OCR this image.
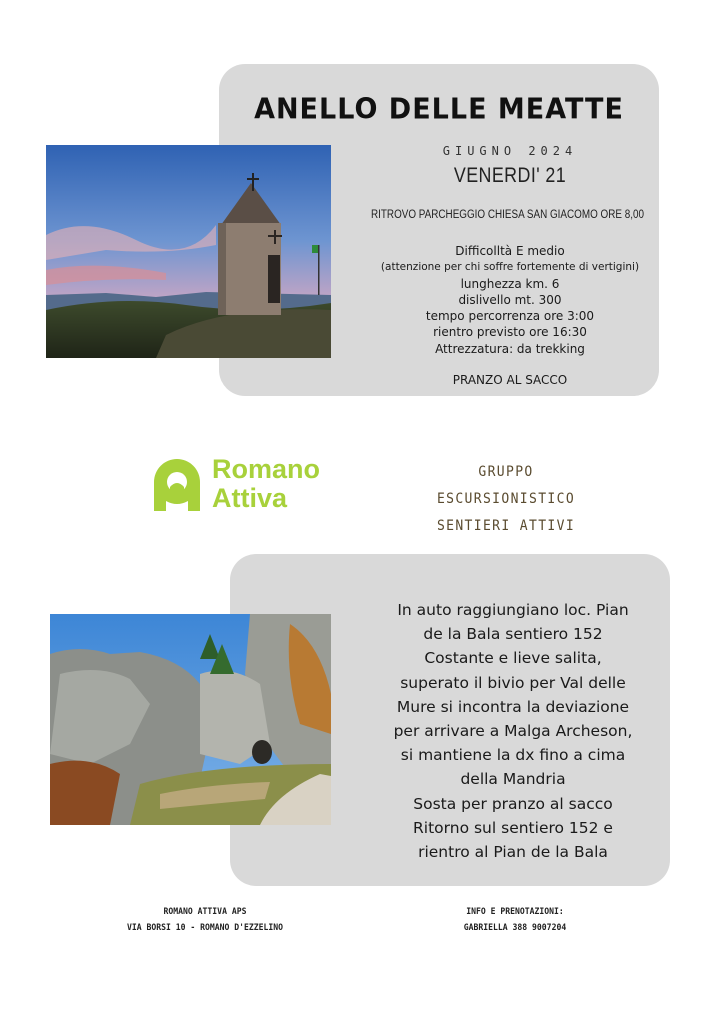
ANELLO DELLE MEATTE
GIUGNO 2024
VENERDI' 21
RITROVO PARCHEGGIO CHIESA SAN GIACOMO ORE 8,00
Difficolltà E medio
(attenzione per chi soffre fortemente di vertigini)
lunghezza km. 6
dislivello mt. 300
tempo percorrenza ore 3:00
rientro previsto ore 16:30
Attrezzatura: da trekking
PRANZO AL SACCO
Romano
Attiva
GRUPPO ESCURSIONISTICO
SENTIERI ATTIVI
In auto raggiungiano loc. Pian
de la Bala sentiero 152
Costante e lieve salita,
superato il bivio per Val delle
Mure si incontra la deviazione
per arrivare a Malga Archeson,
si mantiene la dx fino a cima
della Mandria
Sosta per pranzo al sacco
Ritorno sul sentiero 152 e
rientro al Pian de la Bala
ROMANO ATTIVA APS
VIA BORSI 10 - ROMANO D'EZZELINO
INFO E PRENOTAZIONI:
GABRIELLA 388 9007204
